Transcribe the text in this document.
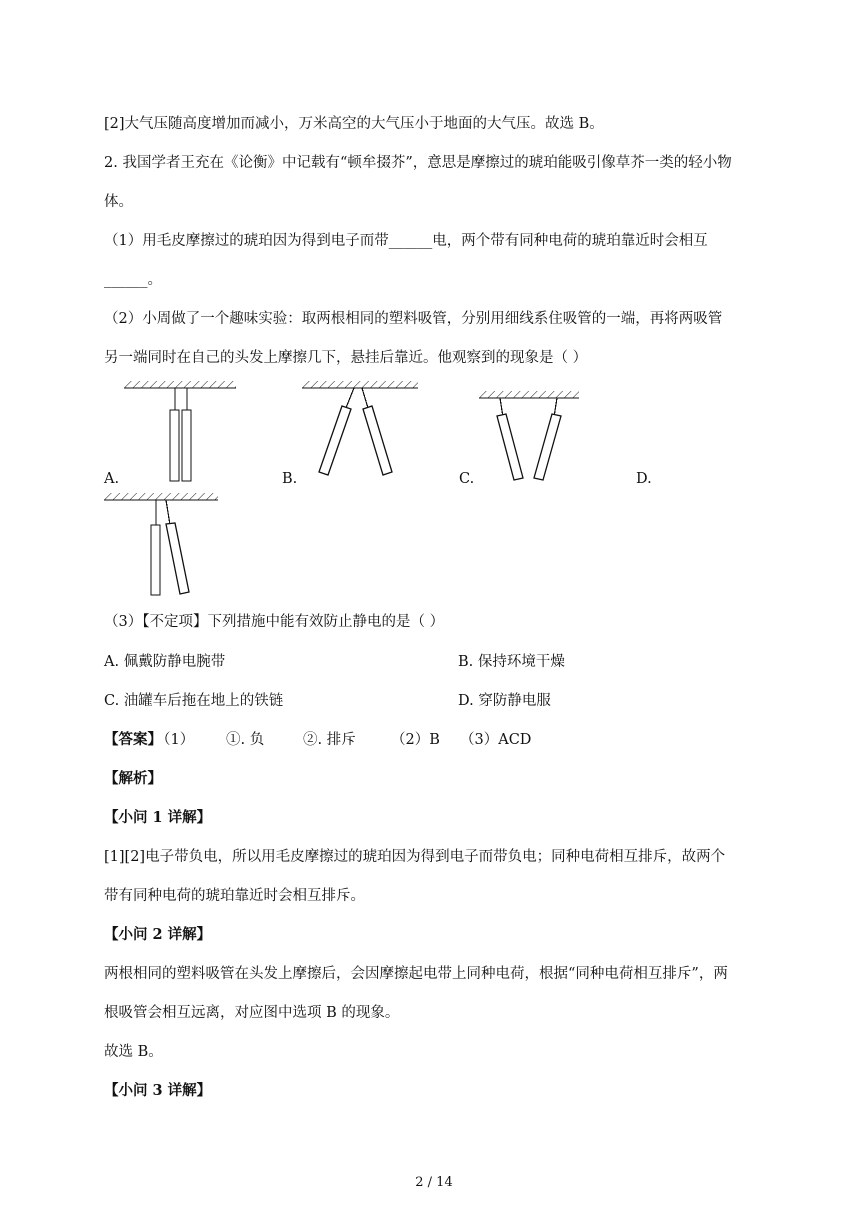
[2]大气压随高度增加而减小，万米高空的大气压小于地面的大气压。故选 B。
2. 我国学者王充在《论衡》中记载有“顿牟掇芥”，意思是摩擦过的琥珀能吸引像草芥一类的轻小物
体。
（1）用毛皮摩擦过的琥珀因为得到电子而带______电，两个带有同种电荷的琥珀靠近时会相互
______。
（2）小周做了一个趣味实验：取两根相同的塑料吸管，分别用细线系住吸管的一端，再将两吸管
另一端同时在自己的头发上摩擦几下，悬挂后靠近。他观察到的现象是（ ）
A.	B.	C.	D.
（3）【不定项】下列措施中能有效防止静电的是（ ）
A. 佩戴防静电腕带	B. 保持环境干燥
C. 油罐车后拖在地上的铁链	D. 穿防静电服
【答案】
（1） ①. 负	②. 排斥 （2）B （3）ACD
【解析】
【小问 1 详解】
[1][2]电子带负电，所以用毛皮摩擦过的琥珀因为得到电子而带负电；同种电荷相互排斥，故两个
带有同种电荷的琥珀靠近时会相互排斥。
【小问 2 详解】
两根相同的塑料吸管在头发上摩擦后，会因摩擦起电带上同种电荷，根据“同种电荷相互排斥”，两
根吸管会相互远离，对应图中选项 B 的现象。
故选 B。
【小问 3 详解】
2 / 14
